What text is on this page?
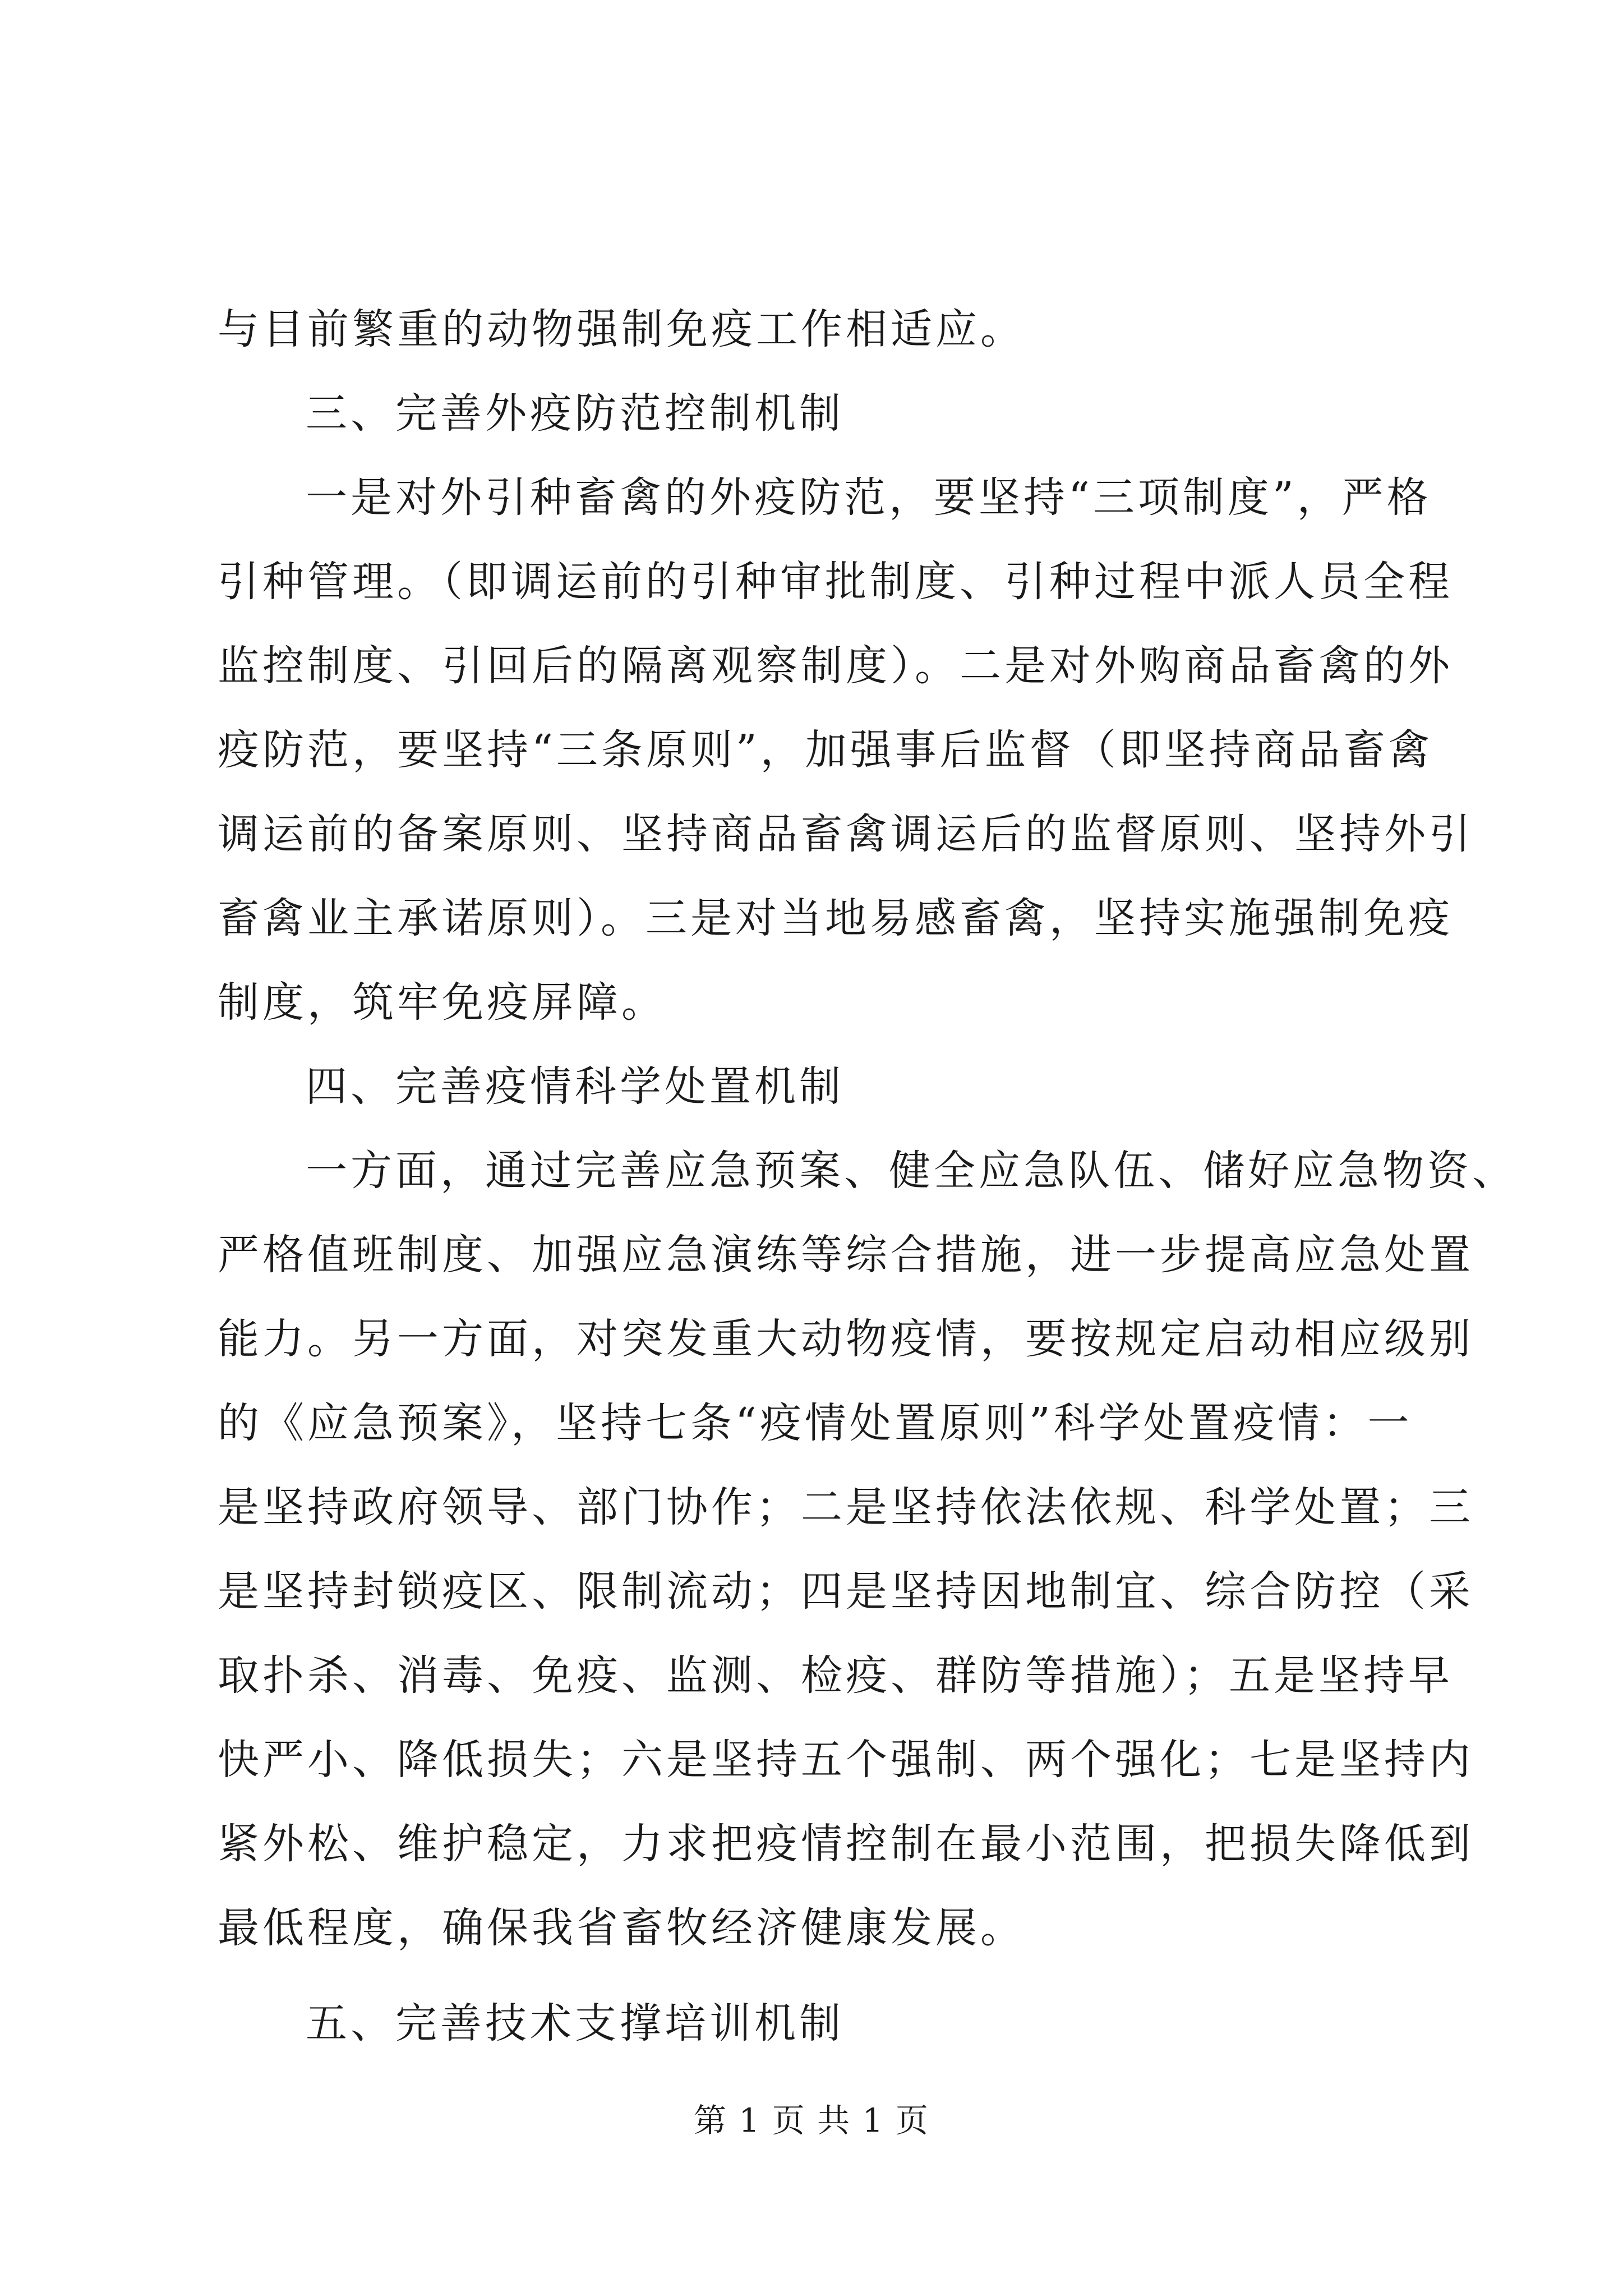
与目前繁重的动物强制免疫工作相适应。
三、完善外疫防范控制机制
一是对外引种畜禽的外疫防范，要坚持“三项制度”，严格
引种管理。（即调运前的引种审批制度、引种过程中派人员全程
监控制度、引回后的隔离观察制度）。二是对外购商品畜禽的外
疫防范，要坚持“三条原则”，加强事后监督（即坚持商品畜禽
调运前的备案原则、坚持商品畜禽调运后的监督原则、坚持外引
畜禽业主承诺原则）。三是对当地易感畜禽，坚持实施强制免疫
制度，筑牢免疫屏障。
四、完善疫情科学处置机制
一方面，通过完善应急预案、健全应急队伍、储好应急物资、
严格值班制度、加强应急演练等综合措施，进一步提高应急处置
能力。另一方面，对突发重大动物疫情，要按规定启动相应级别
的《应急预案》，坚持七条“疫情处置原则”科学处置疫情：一
是坚持政府领导、部门协作；二是坚持依法依规、科学处置；三
是坚持封锁疫区、限制流动；四是坚持因地制宜、综合防控（采
取扑杀、消毒、免疫、监测、检疫、群防等措施）；五是坚持早
快严小、降低损失；六是坚持五个强制、两个强化；七是坚持内
紧外松、维护稳定，力求把疫情控制在最小范围，把损失降低到
最低程度，确保我省畜牧经济健康发展。
五、完善技术支撑培训机制
第 1 页 共 1 页
